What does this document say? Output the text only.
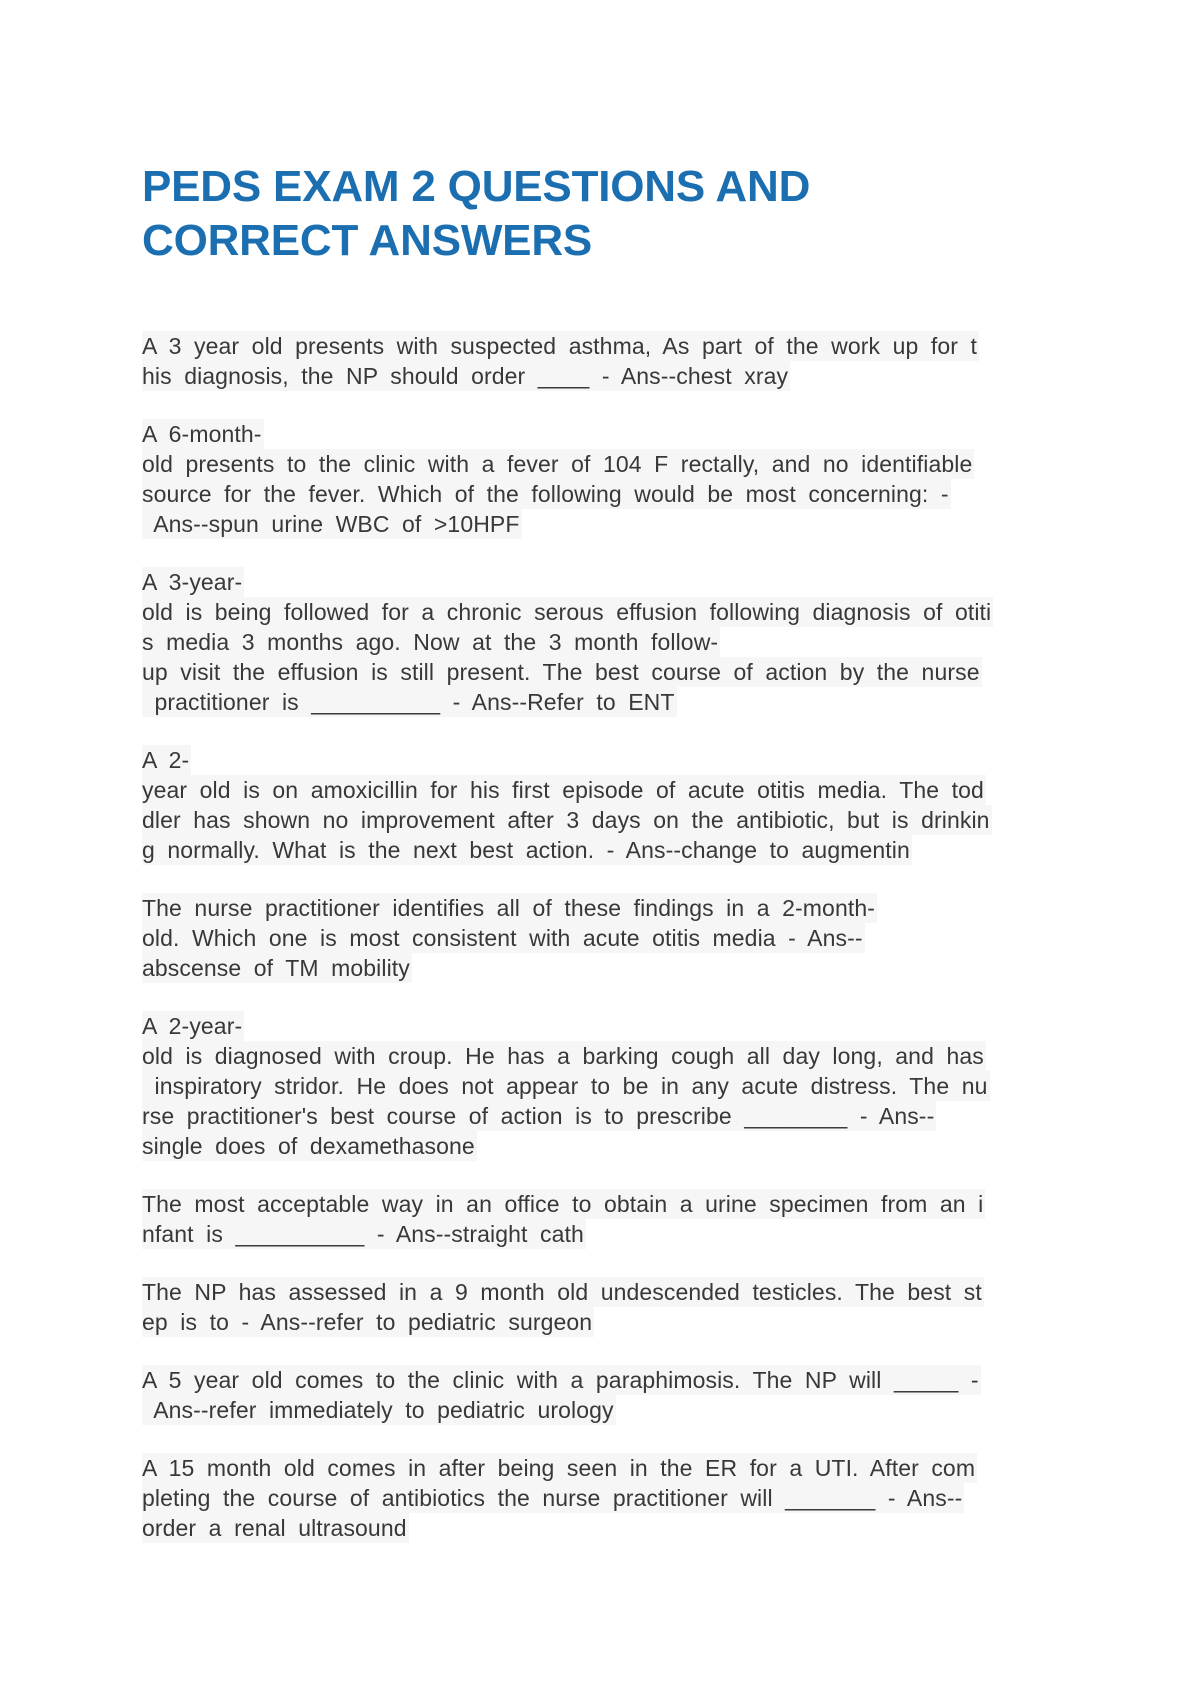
PEDS EXAM 2 QUESTIONS AND
CORRECT ANSWERS
A 3 year old presents with suspected asthma, As part of the work up for t
his diagnosis, the NP should order ____ - Ans--chest xray
A 6-month-
old presents to the clinic with a fever of 104 F rectally, and no identifiable
source for the fever. Which of the following would be most concerning: -
Ans--spun urine WBC of >10HPF
A 3-year-
old is being followed for a chronic serous effusion following diagnosis of otiti
s media 3 months ago. Now at the 3 month follow-
up visit the effusion is still present. The best course of action by the nurse
practitioner is __________ - Ans--Refer to ENT
A 2-
year old is on amoxicillin for his first episode of acute otitis media. The tod
dler has shown no improvement after 3 days on the antibiotic, but is drinkin
g normally. What is the next best action. - Ans--change to augmentin
The nurse practitioner identifies all of these findings in a 2-month-
old. Which one is most consistent with acute otitis media - Ans--
abscense of TM mobility
A 2-year-
old is diagnosed with croup. He has a barking cough all day long, and has
inspiratory stridor. He does not appear to be in any acute distress. The nu
rse practitioner's best course of action is to prescribe ________ - Ans--
single does of dexamethasone
The most acceptable way in an office to obtain a urine specimen from an i
nfant is __________ - Ans--straight cath
The NP has assessed in a 9 month old undescended testicles. The best st
ep is to - Ans--refer to pediatric surgeon
A 5 year old comes to the clinic with a paraphimosis. The NP will _____ -
Ans--refer immediately to pediatric urology
A 15 month old comes in after being seen in the ER for a UTI. After com
pleting the course of antibiotics the nurse practitioner will _______ - Ans--
order a renal ultrasound
